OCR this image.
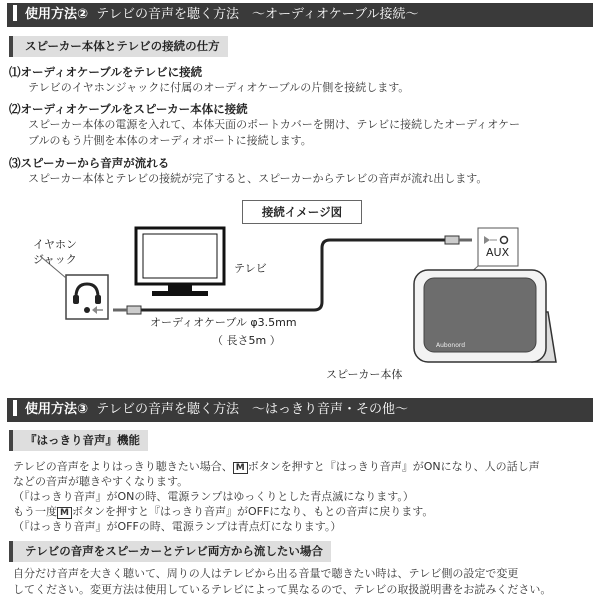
使用方法② テレビの音声を聴く方法　～オーディオケーブル接続～
スピーカー本体とテレビの接続の仕方
⑴オーディオケーブルをテレビに接続
テレビのイヤホンジャックに付属のオーディオケーブルの片側を接続します。
⑵オーディオケーブルをスピーカー本体に接続
スピーカー本体の電源を入れて、本体天面のポートカバーを開け、テレビに接続したオーディオケー
ブルのもう片側を本体のオーディオポートに接続します。
⑶スピーカーから音声が流れる
スピーカー本体とテレビの接続が完了すると、スピーカーからテレビの音声が流れ出します。
接続イメージ図
イヤホン
ジャック
テレビ
AUX
オーディオケーブル φ3.5mm
（ 長さ5m ）	Aubonord
スピーカー本体
使用方法③ テレビの音声を聴く方法　～はっきり音声・その他～
『はっきり音声』機能
テレビの音声をよりはっきり聴きたい場合、 M ボタンを押すと『はっきり音声』がONになり、人の話し声
などの音声が聴きやすくなります。
（『はっきり音声』がONの時、電源ランプはゆっくりとした青点滅になります。）
もう一度 M ボタンを押すと『はっきり音声』がOFFになり、もとの音声に戻ります。
（『はっきり音声』がOFFの時、電源ランプは青点灯になります。）
テレビの音声をスピーカーとテレビ両方から流したい場合
自分だけ音声を大きく聴いて、周りの人はテレビから出る音量で聴きたい時は、テレビ側の設定で変更
してください。変更方法は使用しているテレビによって異なるので、テレビの取扱説明書をお読みください。
